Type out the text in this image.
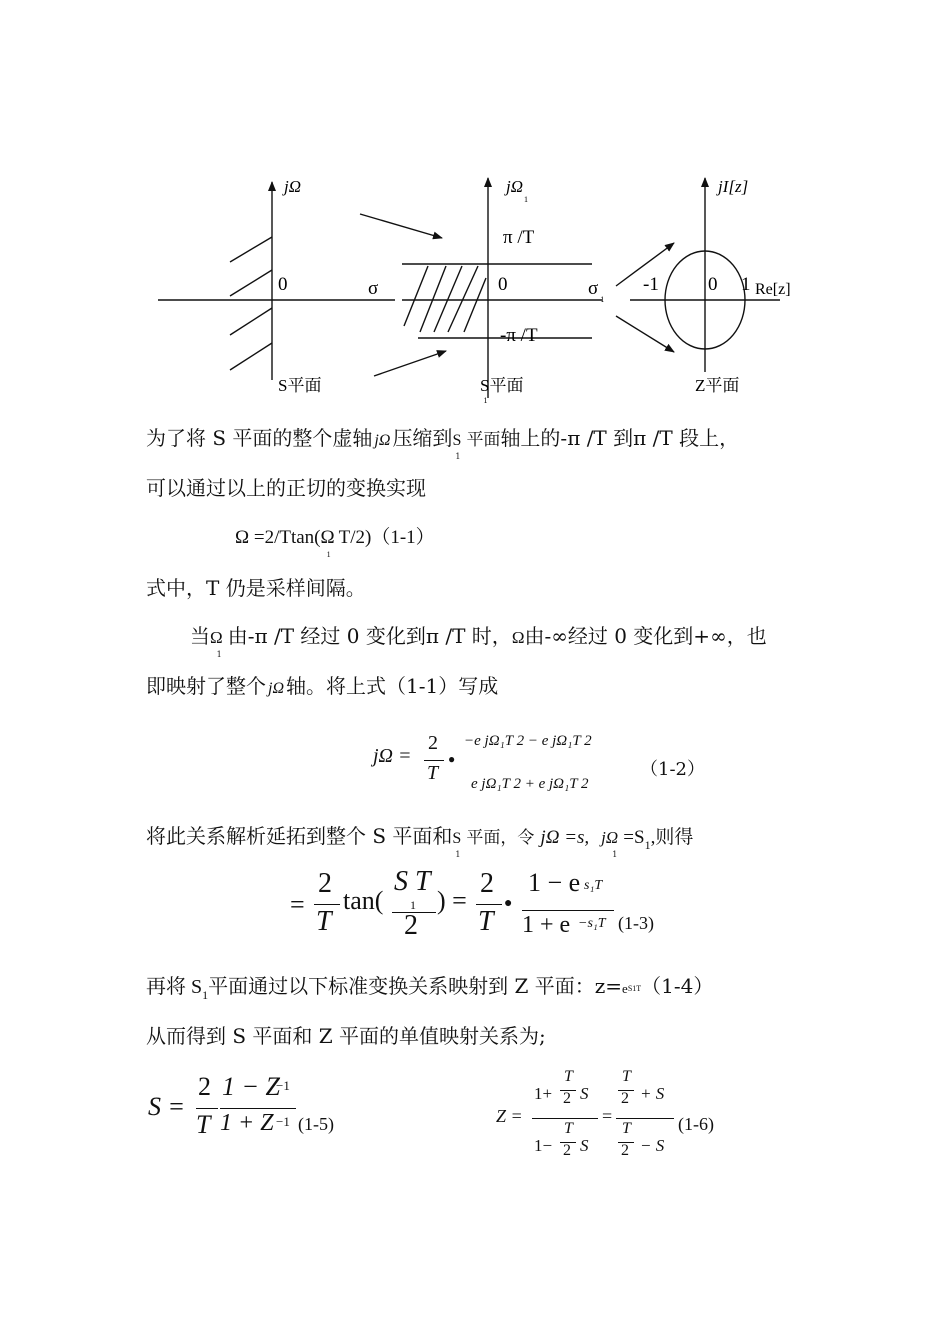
jΩ
0	σ
S平面
$j\Omega_1$
π /T
0	$\sigma_1$
-π /T
S 1平面
jI[z]
-1	0 1 Re[z]
Z平面
为了将 S 平面的整个虚轴 jΩ 压缩到$S_1$平面轴上的-π /T 到π /T 段上，
可以通过以上的正切的变换实现
$\Omega =2/Ttan(\Omega_1T/2)(1-1)$
式中，T 仍是采样间隔。
当$\Omega_1$由-π /T 经过 0 变化到π /T 时，Ω由-∞经过 0 变化到+∞，也
即映射了整个 jΩ 轴。将上式（1-1）写成
jΩ =
2
T
●
−e jΩ₁T 2 − e jΩ₁T 2
e jΩ₁T 2 + e jΩ₁T 2
（1-2）
将此关系解析延拓到整个 S 平面和$S_1$平面，令 jΩ =s, $j\Omega_1=S_1$,则得
=
2
T
tan(
S T
1
2
) =
2
T
●
1 − e s₁T
1 + e −s₁T (1-3)
再将 $S_1$平面通过以下标准变换关系映射到 Z 平面：z=eS1T（1-4）
从而得到 S 平面和 Z 平面的单值映射关系为;
S =
2
T
1 − Z
−1
1 + Z −1 (1-5)	Z =
1+
T
2 S
1−
T
2 S
=
T
2 + S
T
2 − S
(1-6)
